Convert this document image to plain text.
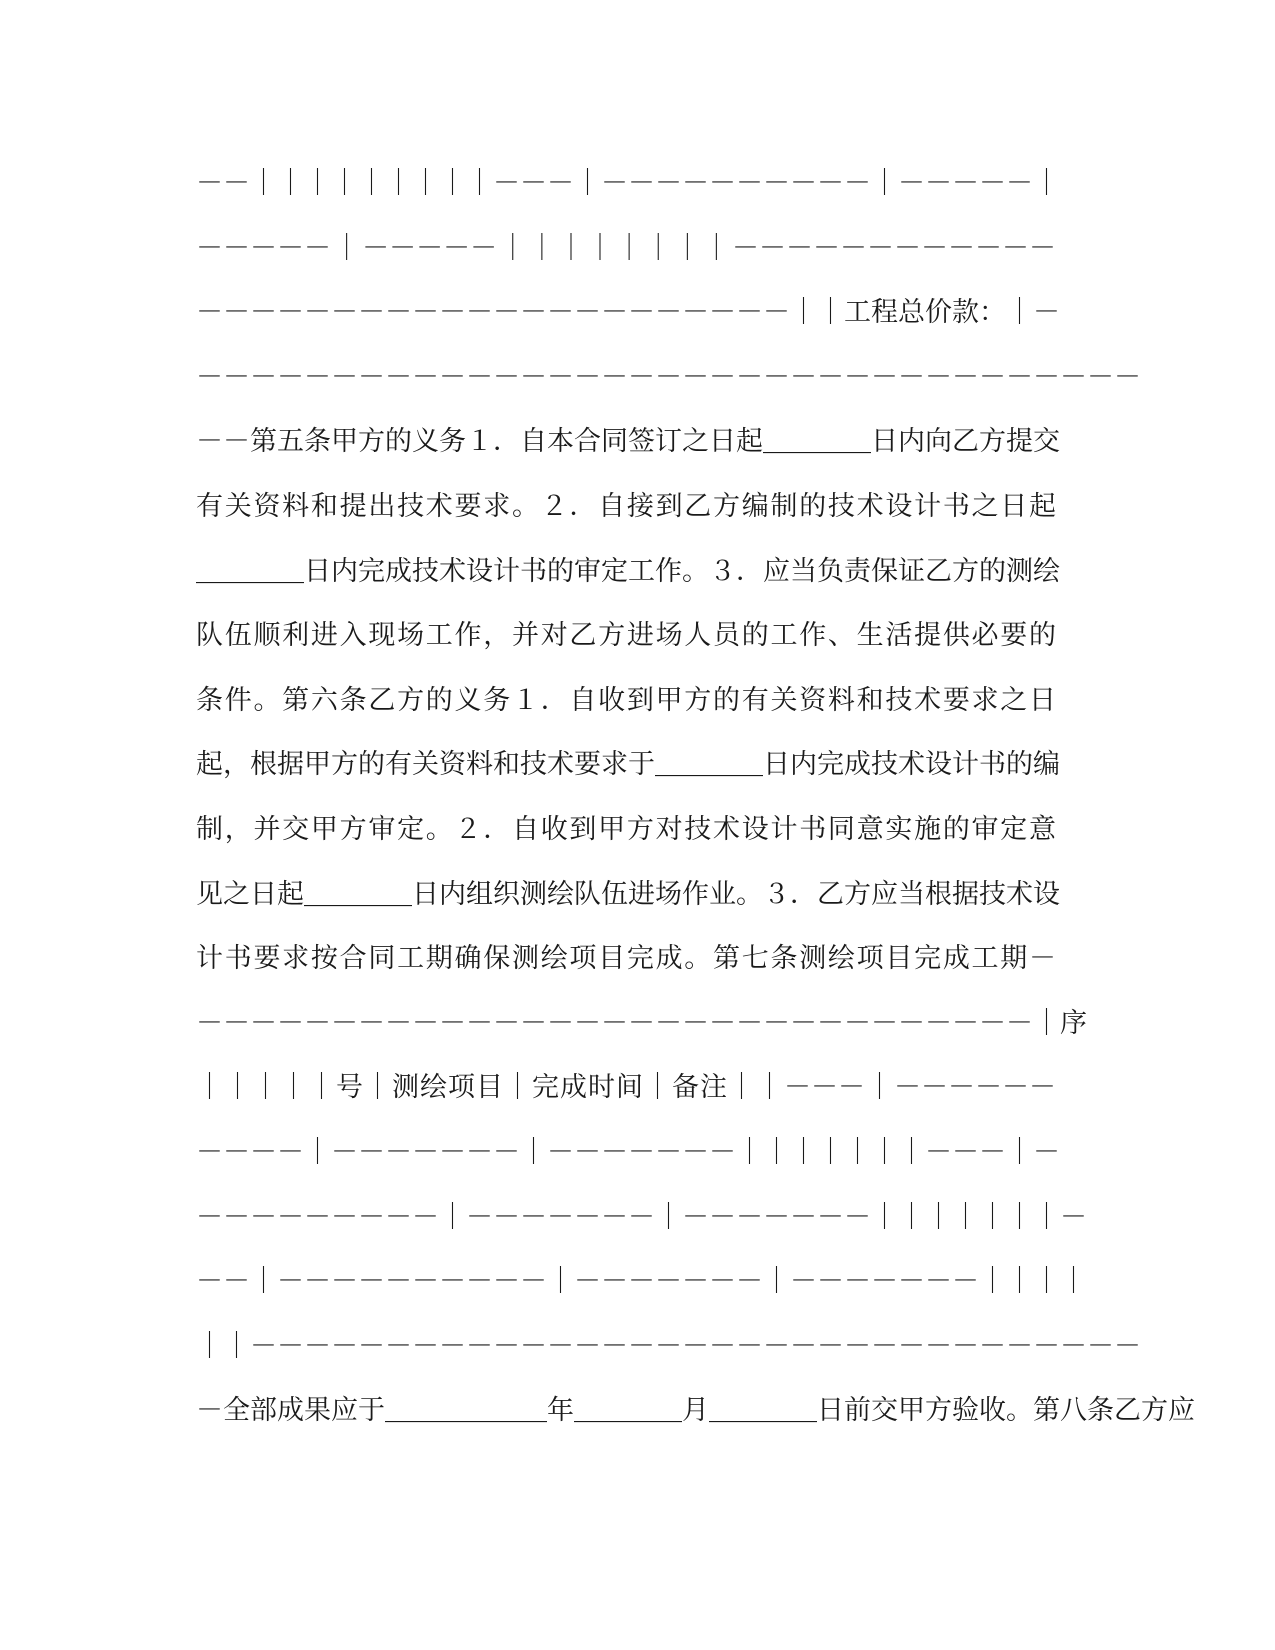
－－｜｜｜｜｜｜｜｜｜－－－｜－－－－－－－－－－｜－－－－－｜
－－－－－｜－－－－－｜｜｜｜｜｜｜｜－－－－－－－－－－－－
－－－－－－－－－－－－－－－－－－－－－－｜｜工程总价款：｜－
－－－－－－－－－－－－－－－－－－－－－－－－－－－－－－－－－－－
－－第五条甲方的义务１．自本合同签订之日起＿＿＿＿日内向乙方提交
有关资料和提出技术要求。２．自接到乙方编制的技术设计书之日起
＿＿＿＿日内完成技术设计书的审定工作。３．应当负责保证乙方的测绘
队伍顺利进入现场工作，并对乙方进场人员的工作、生活提供必要的
条件。第六条乙方的义务１．自收到甲方的有关资料和技术要求之日
起，根据甲方的有关资料和技术要求于＿＿＿＿日内完成技术设计书的编
制，并交甲方审定。２．自收到甲方对技术设计书同意实施的审定意
见之日起＿＿＿＿日内组织测绘队伍进场作业。３．乙方应当根据技术设
计书要求按合同工期确保测绘项目完成。第七条测绘项目完成工期－
－－－－－－－－－－－－－－－－－－－－－－－－－－－－－－－｜序
｜｜｜｜｜号｜测绘项目｜完成时间｜备注｜｜－－－｜－－－－－－
－－－－｜－－－－－－－｜－－－－－－－｜｜｜｜｜｜｜－－－｜－
－－－－－－－－－｜－－－－－－－｜－－－－－－－｜｜｜｜｜｜｜－
－－｜－－－－－－－－－－｜－－－－－－－｜－－－－－－－｜｜｜｜
｜｜－－－－－－－－－－－－－－－－－－－－－－－－－－－－－－－－－
－全部成果应于＿＿＿＿＿＿年＿＿＿＿月＿＿＿＿日前交甲方验收。第八条乙方应
